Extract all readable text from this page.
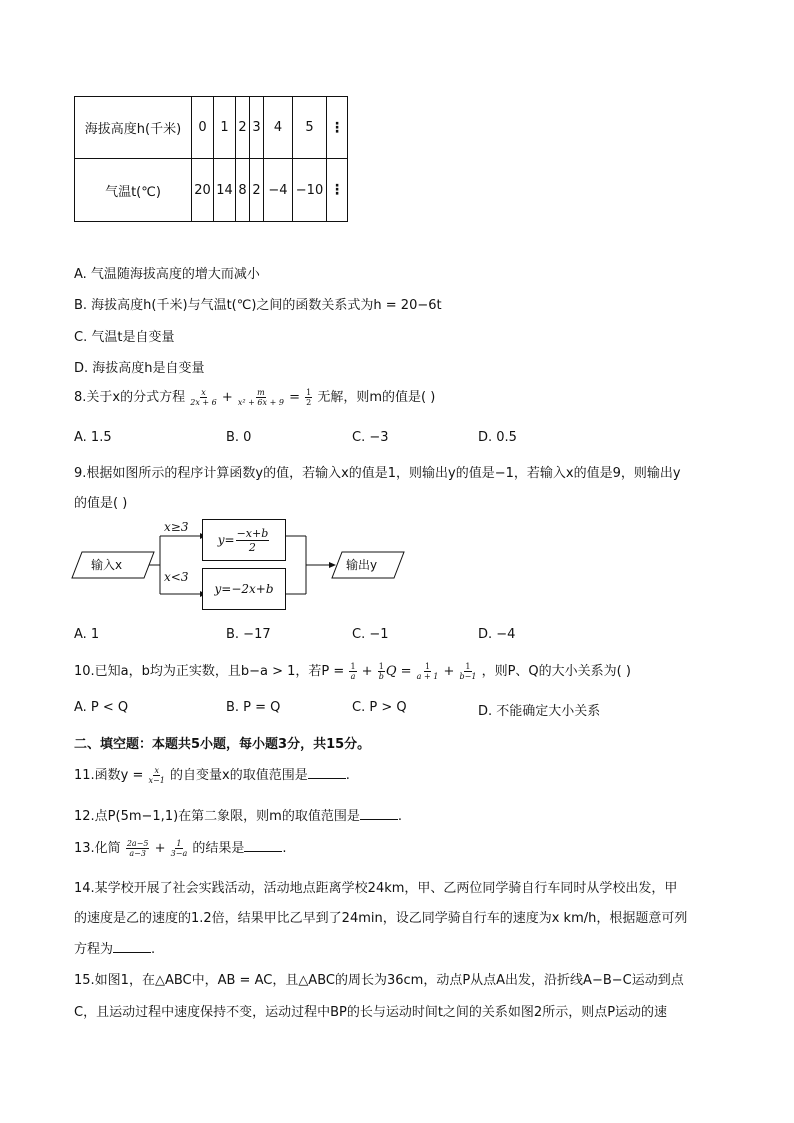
海拔高度h(千米)	0	1	2	3	4	5	⋮
气温t(℃)	20	14	8	2	−4	−10	⋮
A. 气温随海拔高度的增大而减小
B. 海拔高度h(千米)与气温t(℃)之间的函数关系式为h = 20−6t
C. 气温t是自变量
D. 海拔高度h是自变量
8.关于x的分式方程 $\frac{x}{2x + 6} + \frac{m}{\text{x² + 6x + 9}} = \frac{1}{2}$ 无解，则m的值是( )
A. 1.5	B. 0	C. −3	D. 0.5
9.根据如图所示的程序计算函数y的值，若输入x的值是1，则输出y的值是−1，若输入x的值是9，则输出y
的值是( )
输入x	输出y
x≥3
x<3
$y= \frac{-x+b}{2}$
y=−2x+b
A. 1	B. −17	C. −1	D. −4
10.已知a，b均为正实数，且b−a > 1，若$P = \frac{1}{a} + \frac{1}{b}$ $Q = \frac{1}{a + 1} + \frac{1}{b-1}$ ，则P、Q的大小关系为( )
A. P < Q	B. P = Q	C. P > Q	D. 不能确定大小关系
二、填空题：本题共5小题，每小题3分，共15分。
11.函数$y = \frac{x}{x-1}$ 的自变量x的取值范围是	.
12.点P(5m−1,1)在第二象限，则m的取值范围是	.
13.化简 $\frac{2a-5}{a-3} + \frac{1}{3-a}$ 的结果是	.
14.某学校开展了社会实践活动，活动地点距离学校24km，甲、乙两位同学骑自行车同时从学校出发，甲
的速度是乙的速度的1.2倍，结果甲比乙早到了24min，设乙同学骑自行车的速度为x km/h，根据题意可列
方程为	.
15.如图1，在△ABC中，AB = AC，且△ABC的周长为36cm，动点P从点A出发，沿折线A−B−C运动到点
C，且运动过程中速度保持不变，运动过程中BP的长与运动时间t之间的关系如图2所示，则点P运动的速
